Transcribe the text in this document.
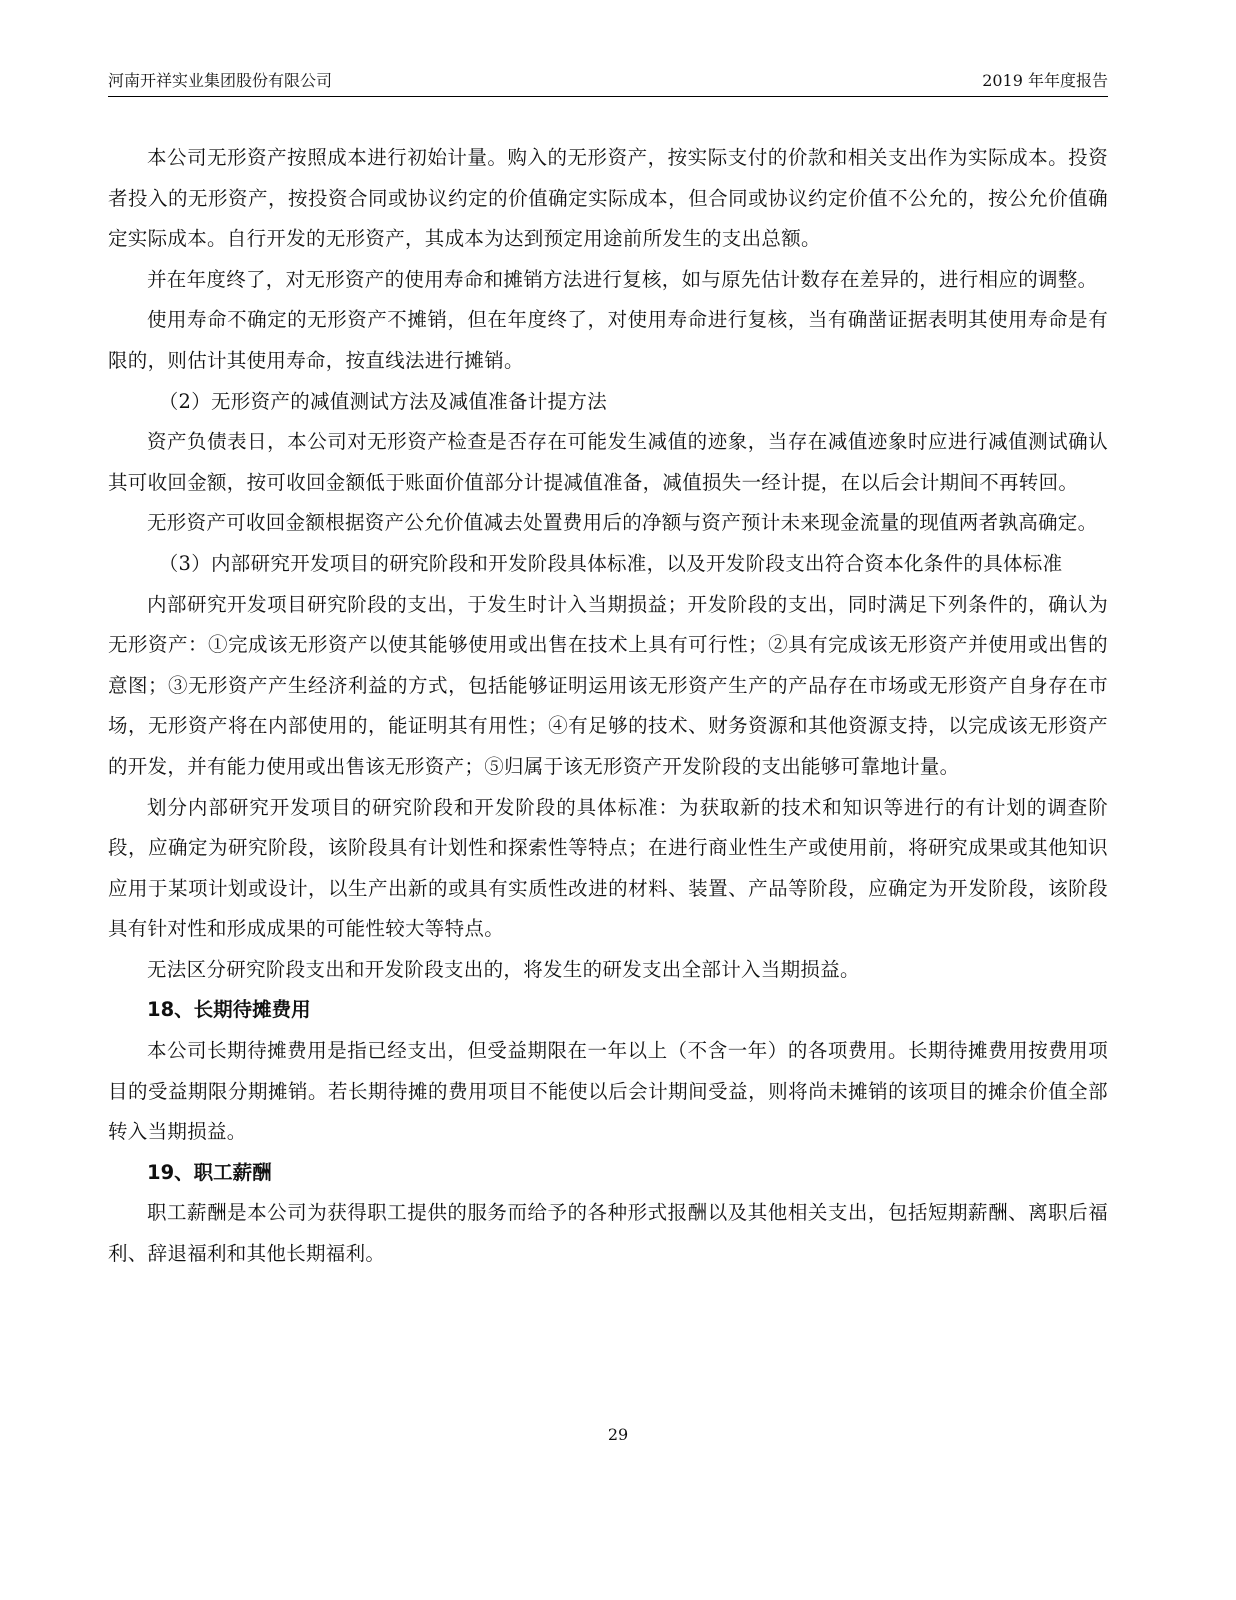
河南开祥实业集团股份有限公司	2019 年年度报告

本公司无形资产按照成本进行初始计量。购入的无形资产，按实际支付的价款和相关支出作为实际成本。投资者投入的无形资产，按投资合同或协议约定的价值确定实际成本，但合同或协议约定价值不公允的，按公允价值确定实际成本。自行开发的无形资产，其成本为达到预定用途前所发生的支出总额。

并在年度终了，对无形资产的使用寿命和摊销方法进行复核，如与原先估计数存在差异的，进行相应的调整。

使用寿命不确定的无形资产不摊销，但在年度终了，对使用寿命进行复核，当有确凿证据表明其使用寿命是有限的，则估计其使用寿命，按直线法进行摊销。

（2）无形资产的减值测试方法及减值准备计提方法

资产负债表日，本公司对无形资产检查是否存在可能发生减值的迹象，当存在减值迹象时应进行减值测试确认其可收回金额，按可收回金额低于账面价值部分计提减值准备，减值损失一经计提，在以后会计期间不再转回。

无形资产可收回金额根据资产公允价值减去处置费用后的净额与资产预计未来现金流量的现值两者孰高确定。

（3）内部研究开发项目的研究阶段和开发阶段具体标准，以及开发阶段支出符合资本化条件的具体标准

内部研究开发项目研究阶段的支出，于发生时计入当期损益；开发阶段的支出，同时满足下列条件的，确认为无形资产：①完成该无形资产以使其能够使用或出售在技术上具有可行性；②具有完成该无形资产并使用或出售的意图；③无形资产产生经济利益的方式，包括能够证明运用该无形资产生产的产品存在市场或无形资产自身存在市场，无形资产将在内部使用的，能证明其有用性；④有足够的技术、财务资源和其他资源支持，以完成该无形资产的开发，并有能力使用或出售该无形资产；⑤归属于该无形资产开发阶段的支出能够可靠地计量。

划分内部研究开发项目的研究阶段和开发阶段的具体标准：为获取新的技术和知识等进行的有计划的调查阶段，应确定为研究阶段，该阶段具有计划性和探索性等特点；在进行商业性生产或使用前，将研究成果或其他知识应用于某项计划或设计，以生产出新的或具有实质性改进的材料、装置、产品等阶段，应确定为开发阶段，该阶段具有针对性和形成成果的可能性较大等特点。

无法区分研究阶段支出和开发阶段支出的，将发生的研发支出全部计入当期损益。

18、长期待摊费用

本公司长期待摊费用是指已经支出，但受益期限在一年以上（不含一年）的各项费用。长期待摊费用按费用项目的受益期限分期摊销。若长期待摊的费用项目不能使以后会计期间受益，则将尚未摊销的该项目的摊余价值全部转入当期损益。

19、职工薪酬

职工薪酬是本公司为获得职工提供的服务而给予的各种形式报酬以及其他相关支出，包括短期薪酬、离职后福利、辞退福利和其他长期福利。

29
